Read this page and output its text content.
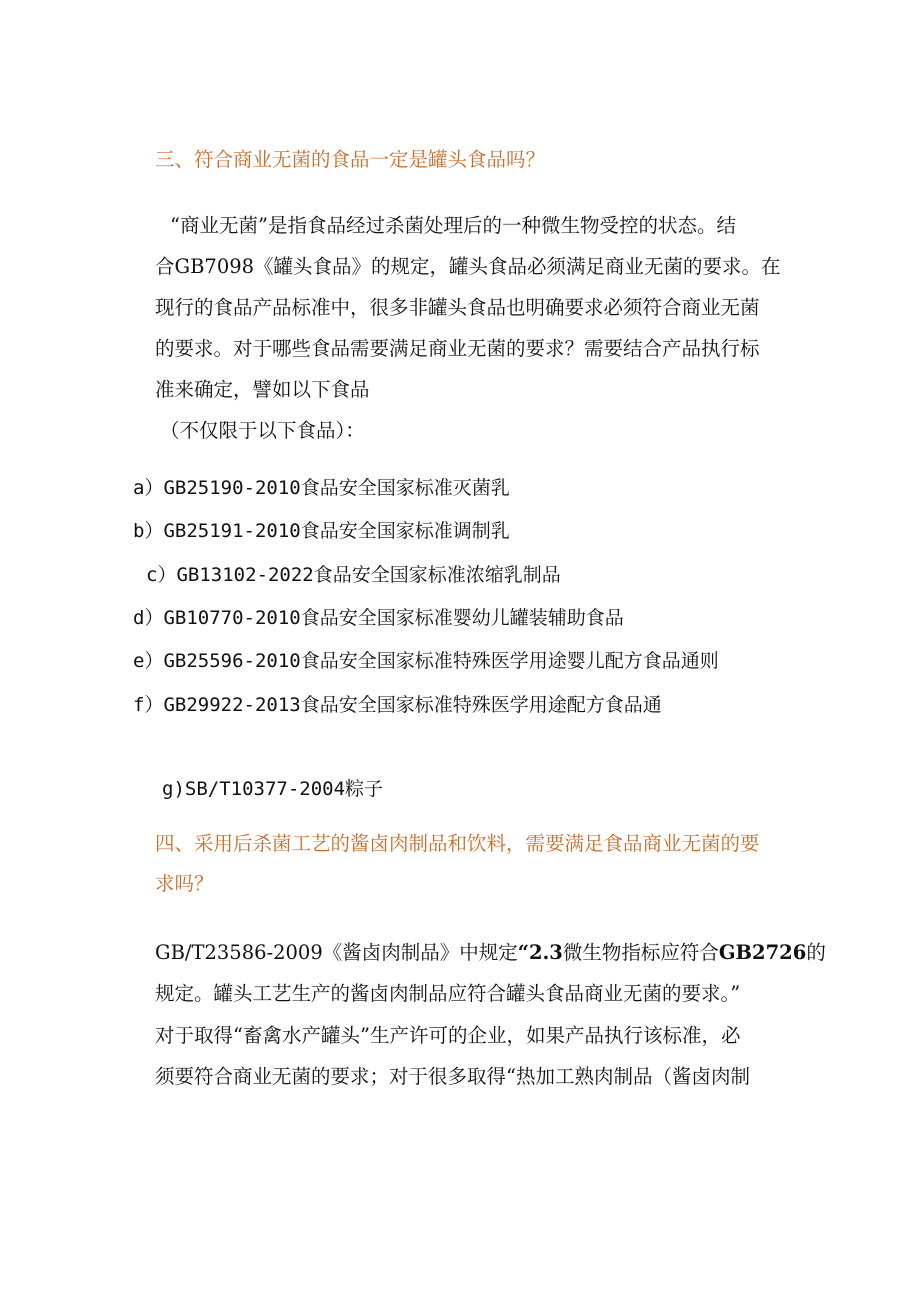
三、符合商业无菌的食品一定是罐头食品吗？
“商业无菌”是指食品经过杀菌处理后的一种微生物受控的状态。结
合GB7098《罐头食品》的规定，罐头食品必须满足商业无菌的要求。在
现行的食品产品标准中，很多非罐头食品也明确要求必须符合商业无菌
的要求。对于哪些食品需要满足商业无菌的要求？需要结合产品执行标
准来确定，譬如以下食品
（不仅限于以下食品）：
a）GB25190-2010食品安全国家标准灭菌乳
b）GB25191-2010食品安全国家标准调制乳
c）GB13102-2022食品安全国家标准浓缩乳制品
d）GB10770-2010食品安全国家标准婴幼儿罐装辅助食品
e）GB25596-2010食品安全国家标准特殊医学用途婴儿配方食品通则
f）GB29922-2013食品安全国家标准特殊医学用途配方食品通
g)SB/T10377-2004粽子
四、采用后杀菌工艺的酱卤肉制品和饮料，需要满足食品商业无菌的要
求吗？
GB/T23586-2009《酱卤肉制品》中规定“2.3微生物指标应符合GB2726的
规定。罐头工艺生产的酱卤肉制品应符合罐头食品商业无菌的要求。”
对于取得“畜禽水产罐头”生产许可的企业，如果产品执行该标准，必
须要符合商业无菌的要求；对于很多取得“热加工熟肉制品（酱卤肉制
